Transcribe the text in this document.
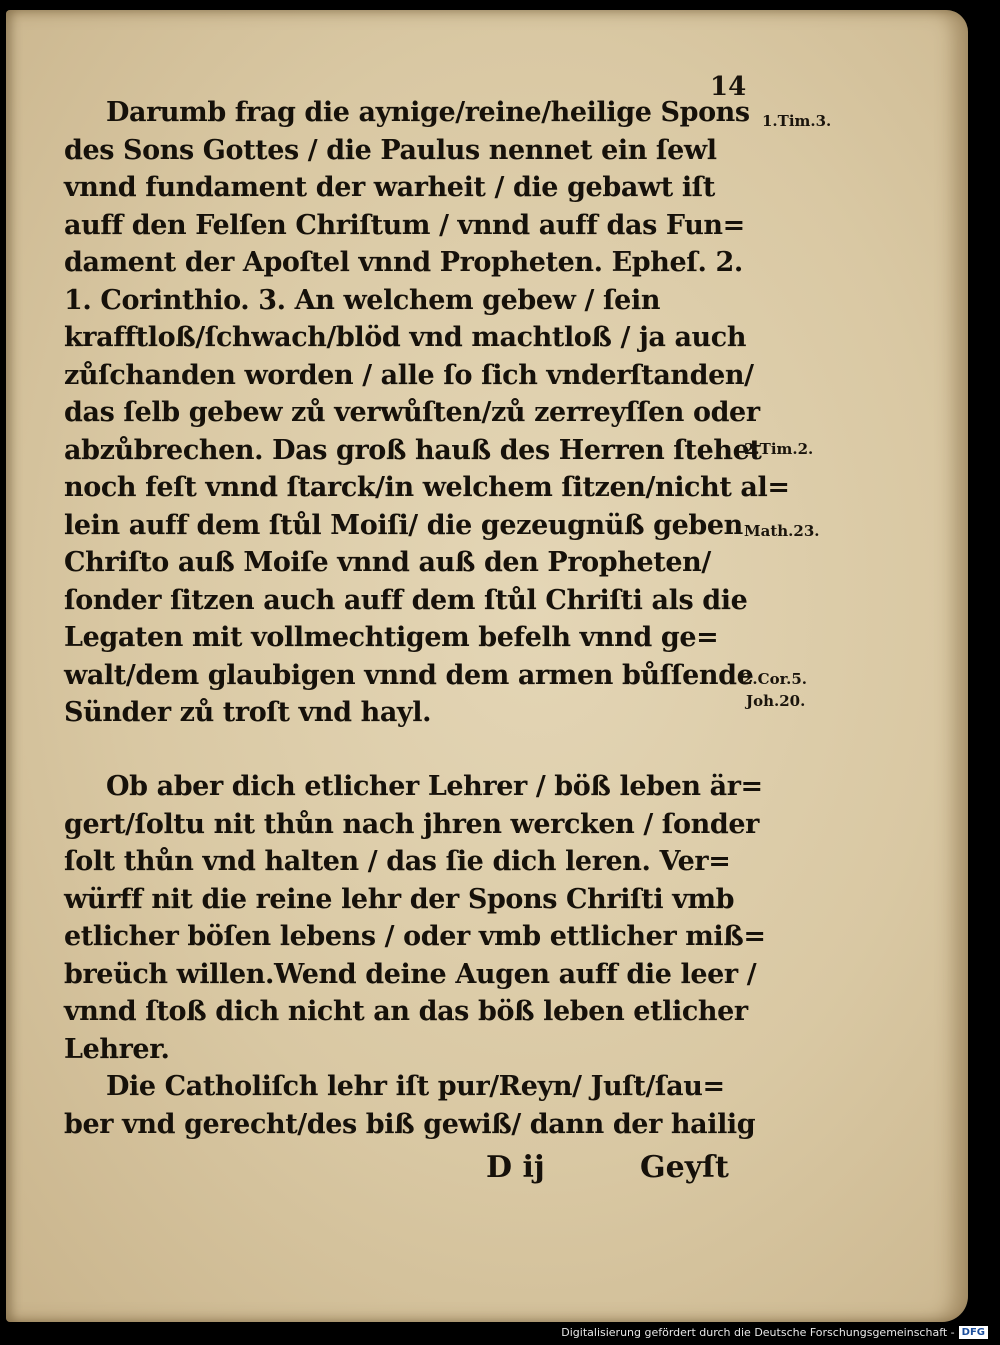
14
Darumb frag die aynige/reine/heilige Spons
des Sons Gottes / die Paulus nennet ein ſewl
vnnd fundament der warheit / die gebawt iſt
auff den Felſen Chriſtum / vnnd auff das Fun=
dament der Apoſtel vnnd Propheten. Epheſ. 2.
1. Corinthio. 3. An welchem gebew / ſein
krafftloß/ſchwach/blöd vnd machtloß / ja auch
zůſchanden worden / alle ſo ſich vnderſtanden/
das ſelb gebew zů verwůſten/zů zerreyſſen oder
abzůbrechen. Das groß hauß des Herren ſtehet
noch feſt vnnd ſtarck/in welchem ſitzen/nicht al=
lein auff dem ſtůl Moiſi/ die gezeugnüß geben
Chriſto auß Moiſe vnnd auß den Propheten/
ſonder ſitzen auch auff dem ſtůl Chriſti als die
Legaten mit vollmechtigem befelh vnnd ge=
walt/dem glaubigen vnnd dem armen bůſſende
Sünder zů troſt vnd hayl.
Ob aber dich etlicher Lehrer / böß leben är=
gert/ſoltu nit thůn nach jhren wercken / ſonder
ſolt thůn vnd halten / das ſie dich leren. Ver=
würff nit die reine lehr der Spons Chriſti vmb
etlicher böſen lebens / oder vmb ettlicher miß=
breüch willen.Wend deine Augen auff die leer /
vnnd ſtoß dich nicht an das böß leben etlicher
Lehrer.
Die Catholiſch lehr iſt pur/Reyn/ Juſt/ſau=
ber vnd gerecht/des biß gewiß/ dann der hailig
D ij	Geyſt
1.Tim.3.
2.Tim.2.
Math.23.
2.Cor.5.
Joh.20.
Digitalisierung gefördert durch die Deutsche Forschungsgemeinschaft - DFG
